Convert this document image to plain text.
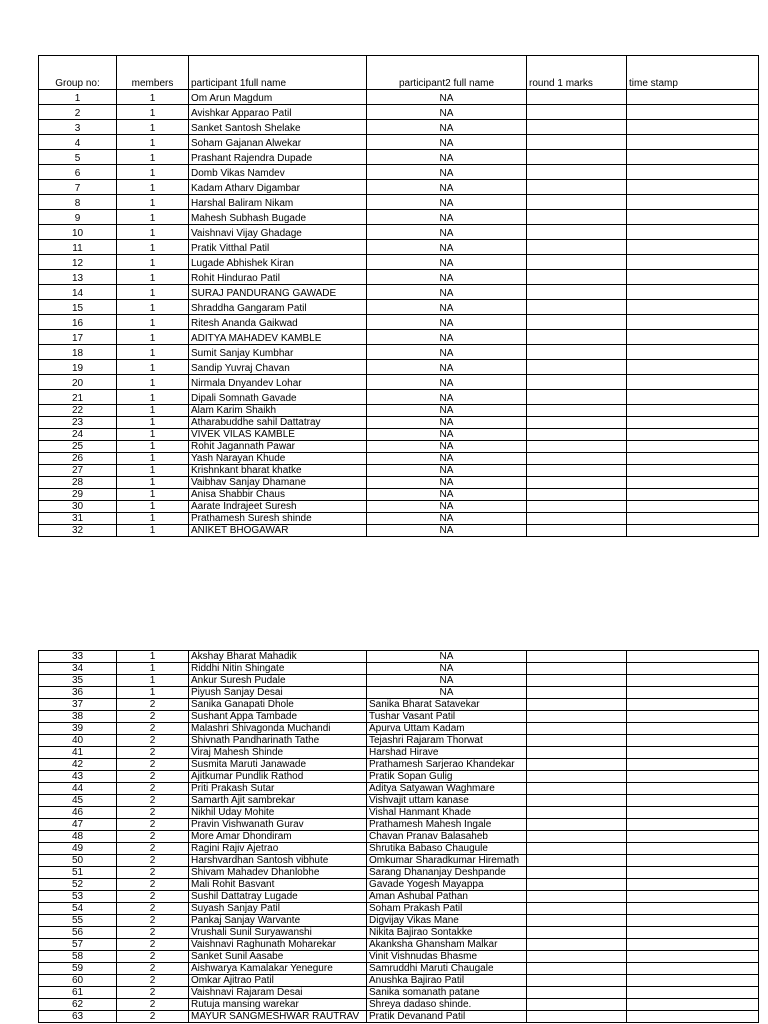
Group no:	members	participant 1full name	participant2 full name	round 1 marks	time stamp
1	1	Om Arun Magdum	NA		
2	1	Avishkar Apparao Patil	NA		
3	1	Sanket Santosh Shelake	NA		
4	1	Soham Gajanan Alwekar	NA		
5	1	Prashant Rajendra Dupade	NA		
6	1	Domb Vikas Namdev	NA		
7	1	Kadam Atharv Digambar	NA		
8	1	Harshal Baliram Nikam	NA		
9	1	Mahesh Subhash Bugade	NA		
10	1	Vaishnavi Vijay Ghadage	NA		
11	1	Pratik Vitthal Patil	NA		
12	1	Lugade Abhishek Kiran	NA		
13	1	Rohit Hindurao Patil	NA		
14	1	SURAJ PANDURANG GAWADE	NA		
15	1	Shraddha Gangaram Patil	NA		
16	1	Ritesh Ananda Gaikwad	NA		
17	1	ADITYA MAHADEV KAMBLE	NA		
18	1	Sumit Sanjay Kumbhar	NA		
19	1	Sandip Yuvraj Chavan	NA		
20	1	Nirmala Dnyandev Lohar	NA		
21	1	Dipali Somnath Gavade	NA		
22	1	Alam Karim Shaikh	NA		
23	1	Atharabuddhe sahil Dattatray	NA		
24	1	VIVEK VILAS KAMBLE	NA		
25	1	Rohit Jagannath Pawar	NA		
26	1	Yash Narayan Khude	NA		
27	1	Krishnkant bharat khatke	NA		
28	1	Vaibhav Sanjay Dhamane	NA		
29	1	Anisa Shabbir Chaus	NA		
30	1	Aarate Indrajeet Suresh	NA		
31	1	Prathamesh Suresh shinde	NA		
32	1	ANIKET BHOGAWAR	NA		
33	1	Akshay Bharat Mahadik	NA		
34	1	Riddhi Nitin Shingate	NA		
35	1	Ankur Suresh Pudale	NA		
36	1	Piyush Sanjay Desai	NA		
37	2	Sanika Ganapati Dhole	Sanika Bharat Satavekar		
38	2	Sushant Appa Tambade	Tushar Vasant Patil		
39	2	Malashri Shivagonda Muchandi	Apurva Uttam Kadam		
40	2	Shivnath Pandharinath Tathe	Tejashri Rajaram Thorwat		
41	2	Viraj Mahesh Shinde	Harshad Hirave		
42	2	Susmita Maruti Janawade	Prathamesh Sarjerao Khandekar		
43	2	Ajitkumar Pundlik Rathod	Pratik Sopan Gulig		
44	2	Priti Prakash Sutar	Aditya Satyawan Waghmare		
45	2	Samarth Ajit sambrekar	Vishvajit uttam kanase		
46	2	Nikhil Uday Mohite	Vishal Hanmant Khade		
47	2	Pravin Vishwanath Gurav	Prathamesh Mahesh Ingale		
48	2	More Amar Dhondiram	Chavan Pranav Balasaheb		
49	2	Ragini Rajiv Ajetrao	Shrutika Babaso Chaugule		
50	2	Harshvardhan Santosh vibhute	Omkumar Sharadkumar Hiremath		
51	2	Shivam Mahadev Dhanlobhe	Sarang Dhananjay Deshpande		
52	2	Mali Rohit Basvant	Gavade Yogesh Mayappa		
53	2	Sushil Dattatray Lugade	Aman Ashubal Pathan		
54	2	Suyash Sanjay Patil	Soham Prakash Patil		
55	2	Pankaj Sanjay Warvante	Digvijay Vikas Mane		
56	2	Vrushali Sunil Suryawanshi	Nikita Bajirao Sontakke		
57	2	Vaishnavi Raghunath Moharekar	Akanksha Ghansham Malkar		
58	2	Sanket Sunil Aasabe	Vinit Vishnudas Bhasme		
59	2	Aishwarya Kamalakar Yenegure	Samruddhi Maruti Chaugale		
60	2	Omkar Ajitrao Patil	Anushka Bajirao Patil		
61	2	Vaishnavi Rajaram Desai	Sanika somanath patane		
62	2	Rutuja mansing warekar	Shreya dadaso shinde.		
63	2	MAYUR SANGMESHWAR RAUTRAV	Pratik Devanand Patil		
